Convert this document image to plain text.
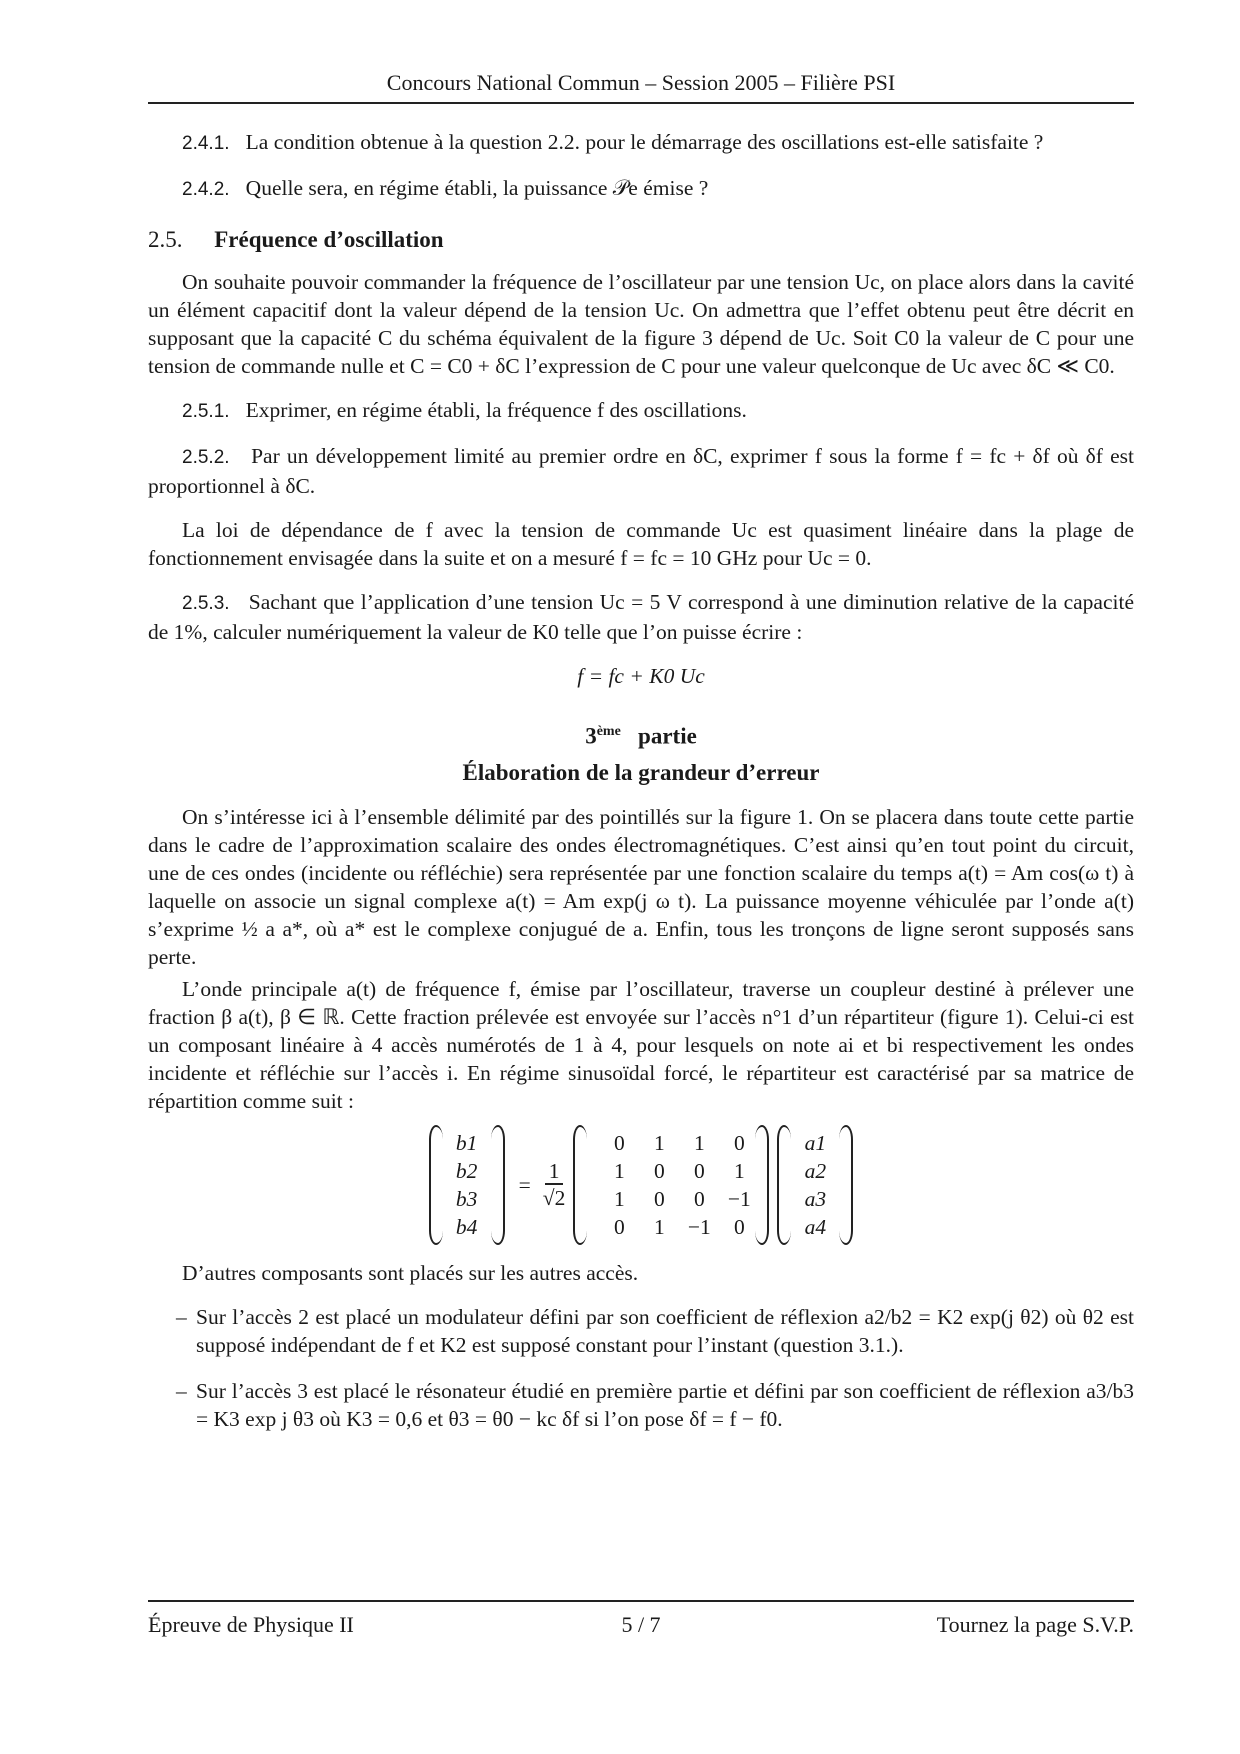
Concours National Commun – Session 2005 – Filière PSI

2.4.1. La condition obtenue à la question 2.2. pour le démarrage des oscillations est-elle satisfaite ?

2.4.2. Quelle sera, en régime établi, la puissance 𝒫e émise ?

2.5. Fréquence d’oscillation

On souhaite pouvoir commander la fréquence de l’oscillateur par une tension Uc, on place alors dans la cavité un élément capacitif dont la valeur dépend de la tension Uc. On admettra que l’effet obtenu peut être décrit en supposant que la capacité C du schéma équivalent de la figure 3 dépend de Uc. Soit C0 la valeur de C pour une tension de commande nulle et C = C0 + δC l’expression de C pour une valeur quelconque de Uc avec δC ≪ C0.

2.5.1. Exprimer, en régime établi, la fréquence f des oscillations.

2.5.2. Par un développement limité au premier ordre en δC, exprimer f sous la forme f = fc + δf où δf est proportionnel à δC.

La loi de dépendance de f avec la tension de commande Uc est quasiment linéaire dans la plage de fonctionnement envisagée dans la suite et on a mesuré f = fc = 10 GHz pour Uc = 0.

2.5.3. Sachant que l’application d’une tension Uc = 5 V correspond à une diminution relative de la capacité de 1%, calculer numériquement la valeur de K0 telle que l’on puisse écrire :

f = fc + K0 Uc

3ème partie
Élaboration de la grandeur d’erreur

On s’intéresse ici à l’ensemble délimité par des pointillés sur la figure 1. On se placera dans toute cette partie dans le cadre de l’approximation scalaire des ondes électromagnétiques. C’est ainsi qu’en tout point du circuit, une de ces ondes (incidente ou réfléchie) sera représentée par une fonction scalaire du temps a(t) = Am cos(ω t) à laquelle on associe un signal complexe a(t) = Am exp(j ω t). La puissance moyenne véhiculée par l’onde a(t) s’exprime ½ a a*, où a* est le complexe conjugué de a. Enfin, tous les tronçons de ligne seront supposés sans perte.

L’onde principale a(t) de fréquence f, émise par l’oscillateur, traverse un coupleur destiné à prélever une fraction β a(t), β ∈ ℝ. Cette fraction prélevée est envoyée sur l’accès n°1 d’un répartiteur (figure 1). Celui-ci est un composant linéaire à 4 accès numérotés de 1 à 4, pour lesquels on note ai et bi respectivement les ondes incidente et réfléchie sur l’accès i. En régime sinusoïdal forcé, le répartiteur est caractérisé par sa matrice de répartition comme suit :

b1
b2
b3
b4
= $\frac{1}{√2}$
0	1	1	0
1	0	0	1
1	0	0	−1
0	1	−1	0
a1
a2
a3
a4

D’autres composants sont placés sur les autres accès.

– Sur l’accès 2 est placé un modulateur défini par son coefficient de réflexion a2/b2 = K2 exp(j θ2) où θ2 est supposé indépendant de f et K2 est supposé constant pour l’instant (question 3.1.).
– Sur l’accès 3 est placé le résonateur étudié en première partie et défini par son coefficient de réflexion a3/b3 = K3 exp j θ3 où K3 = 0,6 et θ3 = θ0 − kc δf si l’on pose δf = f − f0.
Épreuve de Physique II	5 / 7	Tournez la page S.V.P.
